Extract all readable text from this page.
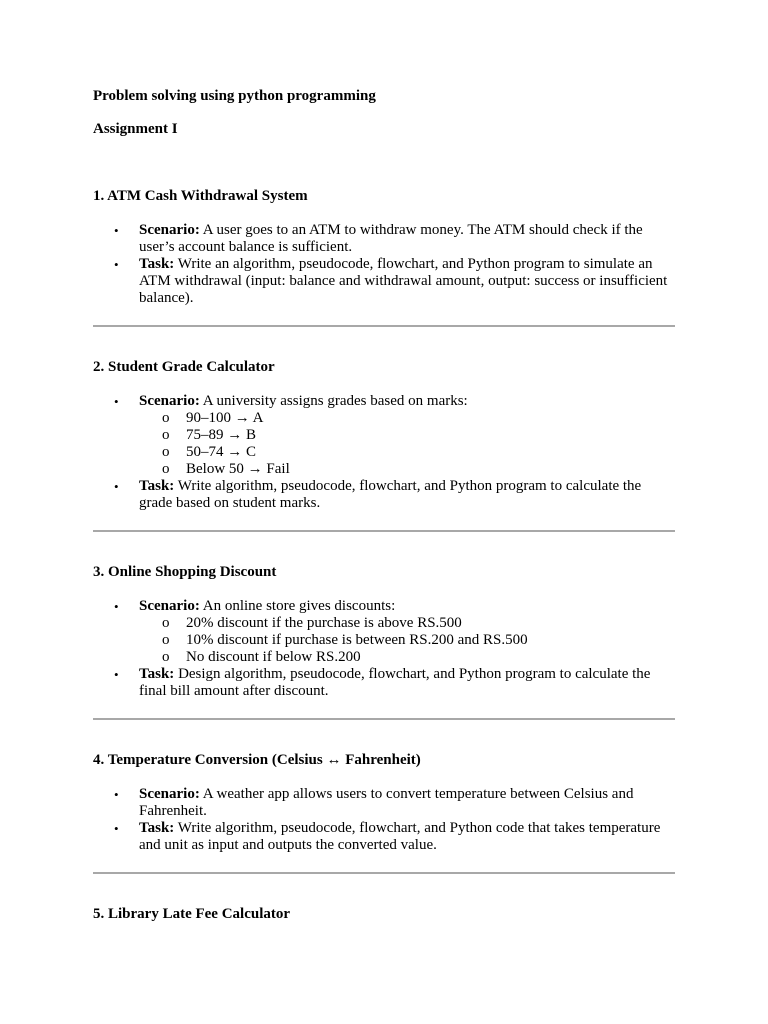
Problem solving using python programming

Assignment I

1. ATM Cash Withdrawal System

• Scenario: A user goes to an ATM to withdraw money. The ATM should check if the user’s account balance is sufficient.
• Task: Write an algorithm, pseudocode, flowchart, and Python program to simulate an ATM withdrawal (input: balance and withdrawal amount, output: success or insufficient balance).

2. Student Grade Calculator

• Scenario: A university assigns grades based on marks:
o 90–100 → A
o 75–89 → B
o 50–74 → C
o Below 50 → Fail
• Task: Write algorithm, pseudocode, flowchart, and Python program to calculate the grade based on student marks.

3. Online Shopping Discount

• Scenario: An online store gives discounts:
o 20% discount if the purchase is above RS.500
o 10% discount if purchase is between RS.200 and RS.500
o No discount if below RS.200
• Task: Design algorithm, pseudocode, flowchart, and Python program to calculate the final bill amount after discount.

4. Temperature Conversion (Celsius ↔ Fahrenheit)

• Scenario: A weather app allows users to convert temperature between Celsius and Fahrenheit.
• Task: Write algorithm, pseudocode, flowchart, and Python code that takes temperature and unit as input and outputs the converted value.

5. Library Late Fee Calculator
